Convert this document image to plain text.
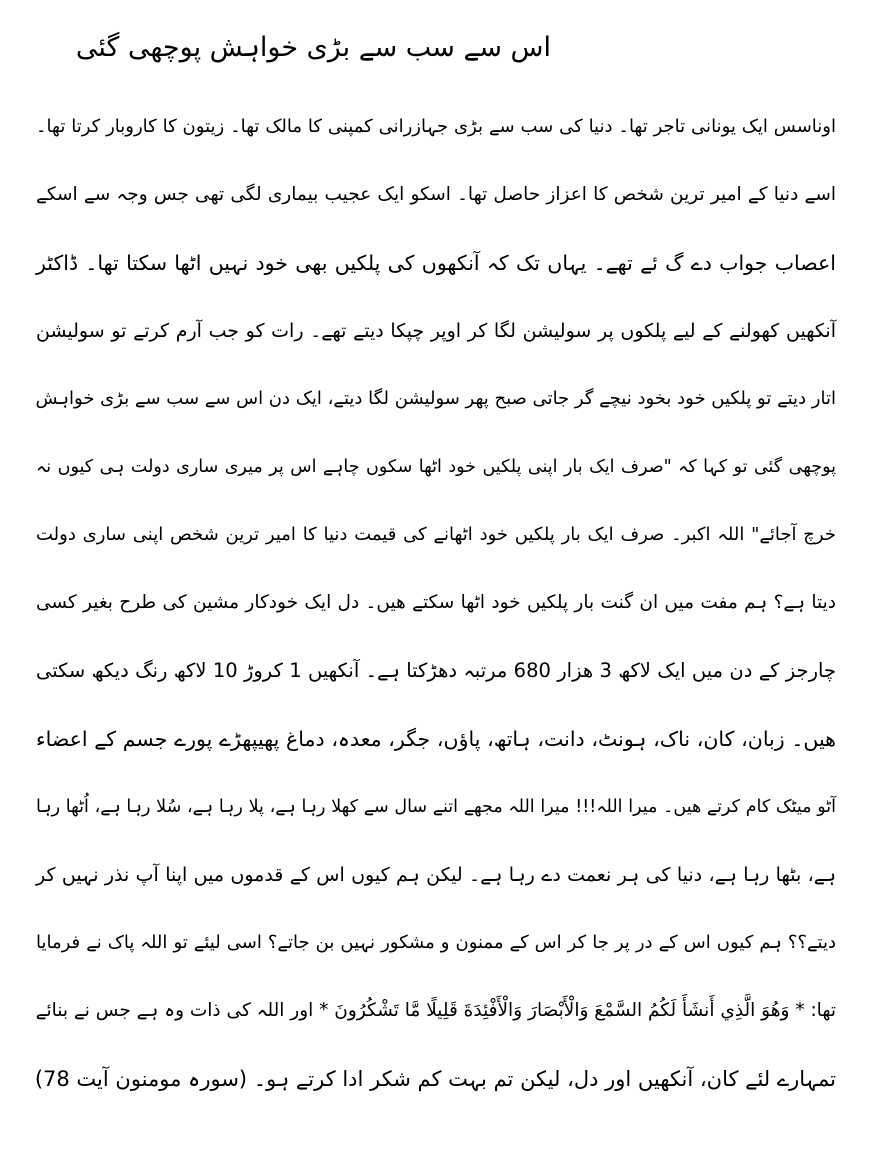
اس سے سب سے بڑی خواہش پوچھی گئی
اوناسس ایک یونانی تاجر تھا۔ دنیا کی سب سے بڑی جہازرانی کمپنی کا مالک تھا۔ زیتون کا کاروبار کرتا تھا۔
اسے دنیا کے امیر ترین شخص کا اعزاز حاصل تھا۔ اسکو ایک عجیب بیماری لگی تھی جس وجہ سے اسکے
اعصاب جواب دے گ ئے تھے۔ یہاں تک کہ آنکھوں کی پلکیں بھی خود نہیں اٹھا سکتا تھا۔ ڈاکٹر
آنکھیں کھولنے کے لیے پلکوں پر سولیشن لگا کر اوپر چپکا دیتے تھے۔ رات کو جب آرم کرتے تو سولیشن
اتار دیتے تو پلکیں خود بخود نیچے گر جاتی صبح پھر سولیشن لگا دیتے، ایک دن اس سے سب سے بڑی خواہش
پوچھی گئی تو کہا کہ "صرف ایک بار اپنی پلکیں خود اٹھا سکوں چاہے اس پر میری ساری دولت ہی کیوں نہ
خرچ آجائے" اللہ اکبر۔ صرف ایک بار پلکیں خود اٹھانے کی قیمت دنیا کا امیر ترین شخص اپنی ساری دولت
دیتا ہے؟ ہم مفت میں ان گنت بار پلکیں خود اٹھا سکتے ھیں۔ دل ایک خودکار مشین کی طرح بغیر کسی
چارجز کے دن میں ایک لاکھ 3 ھزار 680 مرتبہ دھڑکتا ہے۔ آنکھیں 1 کروڑ 10 لاکھ رنگ دیکھ سکتی
ھیں۔ زبان، کان، ناک، ہونٹ، دانت، ہاتھ، پاؤں، جگر، معدہ، دماغ پھیپھڑے پورے جسم کے اعضاء
آٹو میٹک کام کرتے ھیں۔ میرا اللہ!!! میرا اللہ مجھے اتنے سال سے کھلا رہا ہے، پلا رہا ہے، سُلا رہا ہے، اُٹھا رہا
ہے، بٹھا رہا ہے، دنیا کی ہر نعمت دے رہا ہے۔ لیکن ہم کیوں اس کے قدموں میں اپنا آپ نذر نہیں کر
دیتے؟؟ ہم کیوں اس کے در پر جا کر اس کے ممنون و مشکور نہیں بن جاتے؟ اسی لیئے تو اللہ پاک نے فرمایا
تھا: * وَهُوَ الَّذِي أَنشَأَ لَكُمُ السَّمْعَ وَالْأَبْصَارَ وَالْأَفْئِدَةَ قَلِيلًا مَّا تَشْكُرُونَ * اور اللہ کی ذات وہ ہے جس نے بنائے
تمہارے لئے کان، آنکھیں اور دل، لیکن تم بہت کم شکر ادا کرتے ہو۔ (سورہ مومنون آیت 78)
